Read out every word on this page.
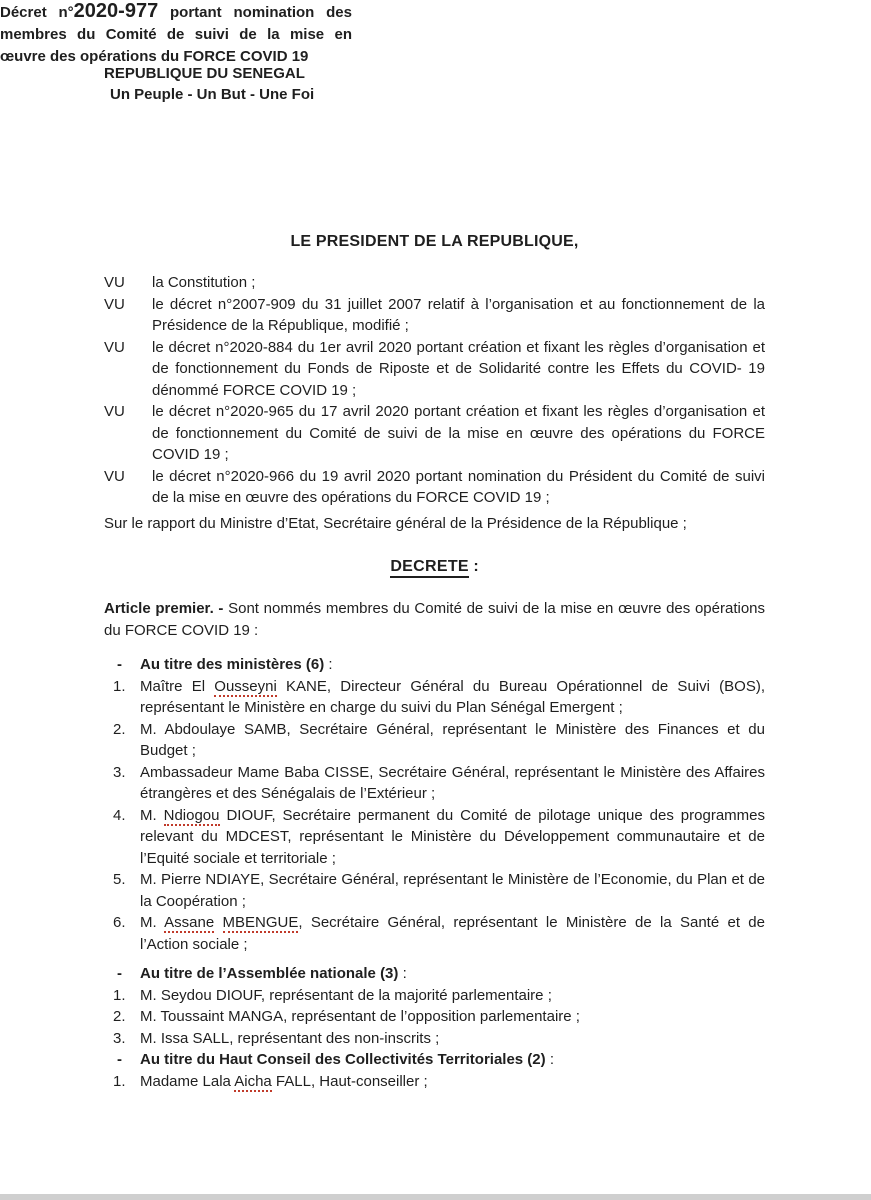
REPUBLIQUE DU SENEGAL
Un Peuple - Un But - Une Foi
Décret n°2020-977 portant nomination des
membres du Comité de suivi de la mise en
œuvre des opérations du FORCE COVID 19
LE PRESIDENT DE LA REPUBLIQUE,
VU	la Constitution ;
VU	le décret n°2007-909 du 31 juillet 2007 relatif à l’organisation et au fonctionnement de la Présidence de la République, modifié ;
VU	le décret n°2020-884 du 1er avril 2020 portant création et fixant les règles d’organisation et de fonctionnement du Fonds de Riposte et de Solidarité contre les Effets du COVID- 19 dénommé FORCE COVID 19 ;
VU	le décret n°2020-965 du 17 avril 2020 portant création et fixant les règles d’organisation et de fonctionnement du Comité de suivi de la mise en œuvre des opérations du FORCE COVID 19 ;
VU	le décret n°2020-966 du 19 avril 2020 portant nomination du Président du Comité de suivi de la mise en œuvre des opérations du FORCE COVID 19 ;

Sur le rapport du Ministre d’Etat, Secrétaire général de la Présidence de la République ;

DECRETE :

Article premier. - Sont nommés membres du Comité de suivi de la mise en œuvre des opérations du FORCE COVID 19 :

-	Au titre des ministères (6) :
1. Maître El Ousseyni KANE, Directeur Général du Bureau Opérationnel de Suivi (BOS), représentant le Ministère en charge du suivi du Plan Sénégal Emergent ;
2. M. Abdoulaye SAMB, Secrétaire Général, représentant le Ministère des Finances et du Budget ;
3. Ambassadeur Mame Baba CISSE, Secrétaire Général, représentant le Ministère des Affaires étrangères et des Sénégalais de l’Extérieur ;
4. M. Ndiogou DIOUF, Secrétaire permanent du Comité de pilotage unique des programmes relevant du MDCEST, représentant le Ministère du Développement communautaire et de l’Equité sociale et territoriale ;
5. M. Pierre NDIAYE, Secrétaire Général, représentant le Ministère de l’Economie, du Plan et de la Coopération ;
6. M. Assane MBENGUE, Secrétaire Général, représentant le Ministère de la Santé et de l’Action sociale ;
-	Au titre de l’Assemblée nationale (3) :
1. M. Seydou DIOUF, représentant de la majorité parlementaire ;
2. M. Toussaint MANGA, représentant de l’opposition parlementaire ;
3. M. Issa SALL, représentant des non-inscrits ;
-	Au titre du Haut Conseil des Collectivités Territoriales (2) :
1. Madame Lala Aicha FALL, Haut-conseiller ;
